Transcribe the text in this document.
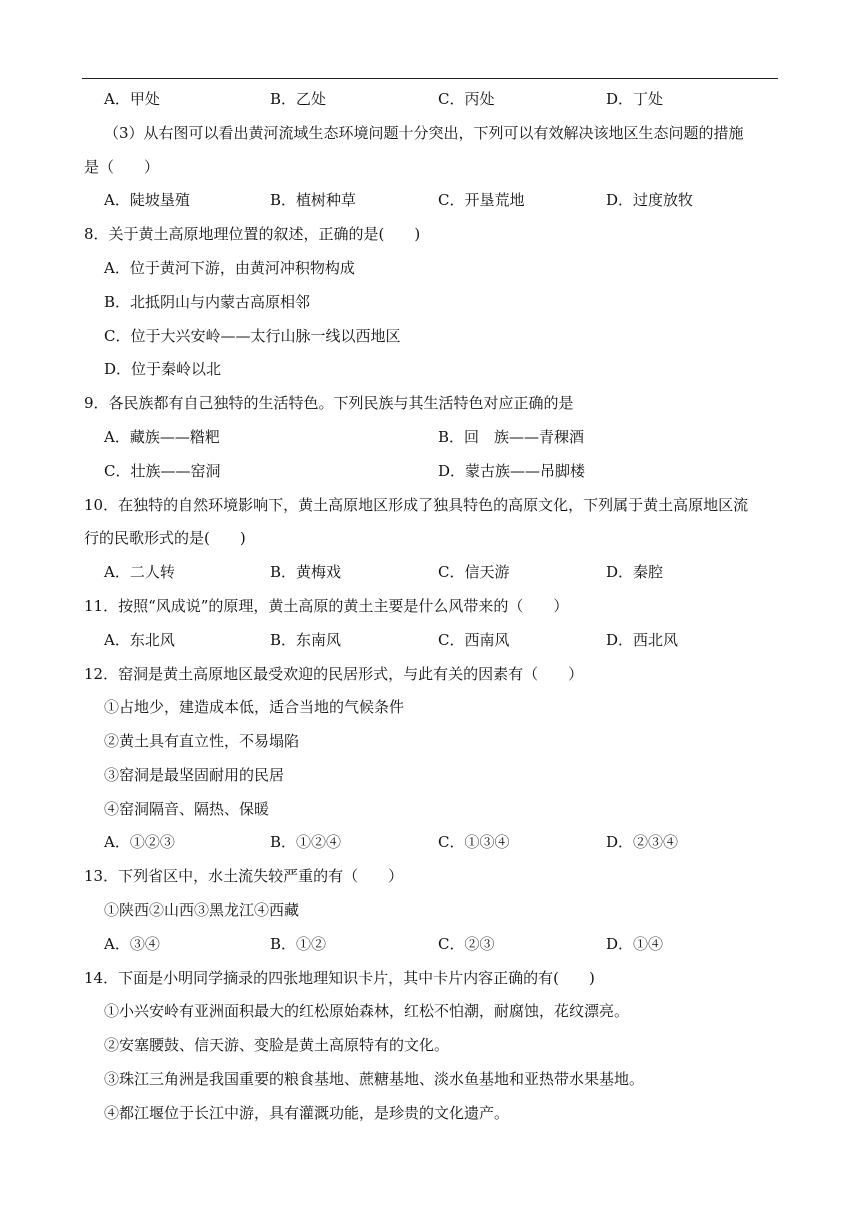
A．甲处	B．乙处	C．丙处	D．丁处
（3）从右图可以看出黄河流域生态环境问题十分突出，下列可以有效解决该地区生态问题的措施
是（　　）
A．陡坡垦殖	B．植树种草	C．开垦荒地	D．过度放牧
8．关于黄土高原地理位置的叙述，正确的是(　　)
A．位于黄河下游，由黄河冲积物构成
B．北抵阴山与内蒙古高原相邻
C．位于大兴安岭——太行山脉一线以西地区
D．位于秦岭以北
9．各民族都有自己独特的生活特色。下列民族与其生活特色对应正确的是
A．藏族——糌粑	B．回　族——青稞酒
C．壮族——窑洞	D．蒙古族——吊脚楼
10．在独特的自然环境影响下，黄土高原地区形成了独具特色的高原文化，下列属于黄土高原地区流
行的民歌形式的是(　　)
A．二人转	B．黄梅戏	C．信天游	D．秦腔
11．按照“风成说”的原理，黄土高原的黄土主要是什么风带来的（　　）
A．东北风	B．东南风	C．西南风	D．西北风
12．窑洞是黄土高原地区最受欢迎的民居形式，与此有关的因素有（　　）
①占地少，建造成本低，适合当地的气候条件
②黄土具有直立性，不易塌陷
③窑洞是最坚固耐用的民居
④窑洞隔音、隔热、保暖
A．①②③	B．①②④	C．①③④	D．②③④
13．下列省区中，水土流失较严重的有（　　）
①陕西②山西③黑龙江④西藏
A．③④	B．①②	C．②③	D．①④
14．下面是小明同学摘录的四张地理知识卡片，其中卡片内容正确的有(　　)
①小兴安岭有亚洲面积最大的红松原始森林，红松不怕潮，耐腐蚀，花纹漂亮。
②安塞腰鼓、信天游、变脸是黄土高原特有的文化。
③珠江三角洲是我国重要的粮食基地、蔗糖基地、淡水鱼基地和亚热带水果基地。
④都江堰位于长江中游，具有灌溉功能，是珍贵的文化遗产。
